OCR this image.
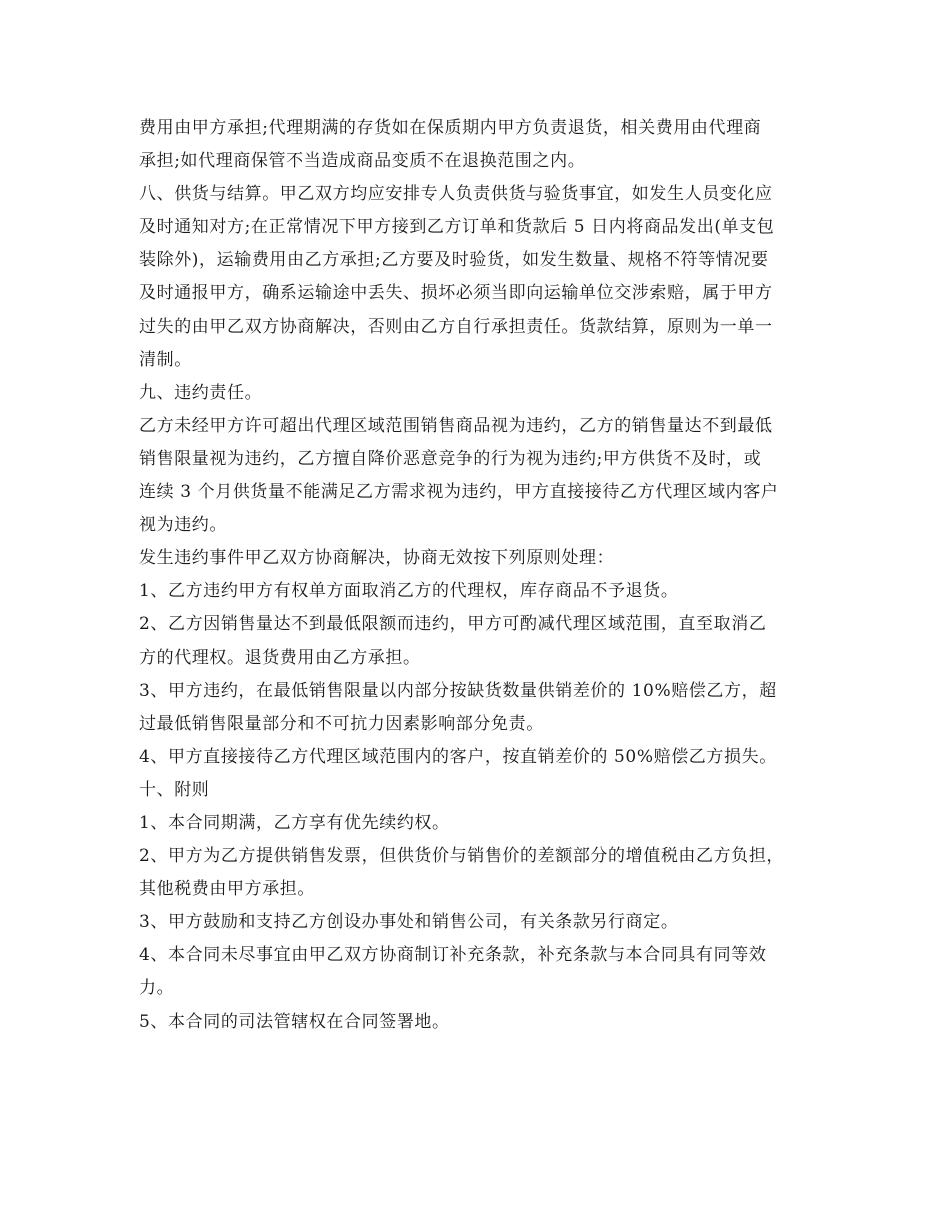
费用由甲方承担;代理期满的存货如在保质期内甲方负责退货，相关费用由代理商
承担;如代理商保管不当造成商品变质不在退换范围之内。
八、供货与结算。甲乙双方均应安排专人负责供货与验货事宜，如发生人员变化应
及时通知对方;在正常情况下甲方接到乙方订单和货款后 5 日内将商品发出(单支包
装除外)，运输费用由乙方承担;乙方要及时验货，如发生数量、规格不符等情况要
及时通报甲方，确系运输途中丢失、损坏必须当即向运输单位交涉索赔，属于甲方
过失的由甲乙双方协商解决，否则由乙方自行承担责任。货款结算，原则为一单一
清制。
九、违约责任。
乙方未经甲方许可超出代理区域范围销售商品视为违约，乙方的销售量达不到最低
销售限量视为违约，乙方擅自降价恶意竞争的行为视为违约;甲方供货不及时，或
连续 3 个月供货量不能满足乙方需求视为违约，甲方直接接待乙方代理区域内客户
视为违约。
发生违约事件甲乙双方协商解决，协商无效按下列原则处理：
1、乙方违约甲方有权单方面取消乙方的代理权，库存商品不予退货。
2、乙方因销售量达不到最低限额而违约，甲方可酌减代理区域范围，直至取消乙
方的代理权。退货费用由乙方承担。
3、甲方违约，在最低销售限量以内部分按缺货数量供销差价的 10%赔偿乙方，超
过最低销售限量部分和不可抗力因素影响部分免责。
4、甲方直接接待乙方代理区域范围内的客户，按直销差价的 50%赔偿乙方损失。
十、附则
1、本合同期满，乙方享有优先续约权。
2、甲方为乙方提供销售发票，但供货价与销售价的差额部分的增值税由乙方负担，
其他税费由甲方承担。
3、甲方鼓励和支持乙方创设办事处和销售公司，有关条款另行商定。
4、本合同未尽事宜由甲乙双方协商制订补充条款，补充条款与本合同具有同等效
力。
5、本合同的司法管辖权在合同签署地。
